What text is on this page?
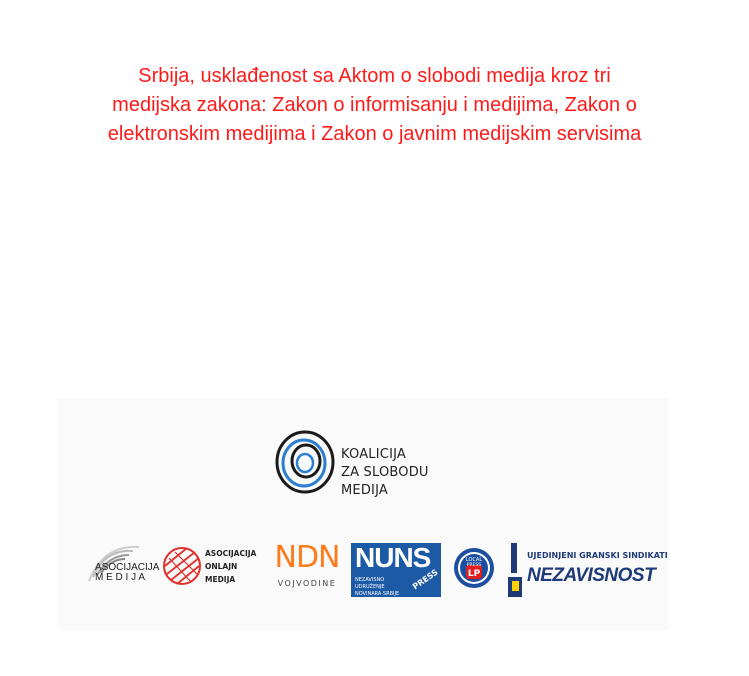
Srbija, usklađenost sa Aktom o slobodi medija kroz tri
medijska zakona: Zakon o informisanju i medijima, Zakon o
elektronskim medijima i Zakon o javnim medijskim servisima
KOALICIJA
ZA SLOBODU MEDIJA
ASOCIJACIJA
M E D I J A
ASOCIJACIJA
ONLAJN
MEDIJA
NDN
VOJVODINE
NUNS
NEZAVISNO UDRUŽENJE
NOVINARA SRBIJE
PRESS
LOCAL
PRESS
LP
UJEDINJENI GRANSKI SINDIKATI
NEZAVISNOST
